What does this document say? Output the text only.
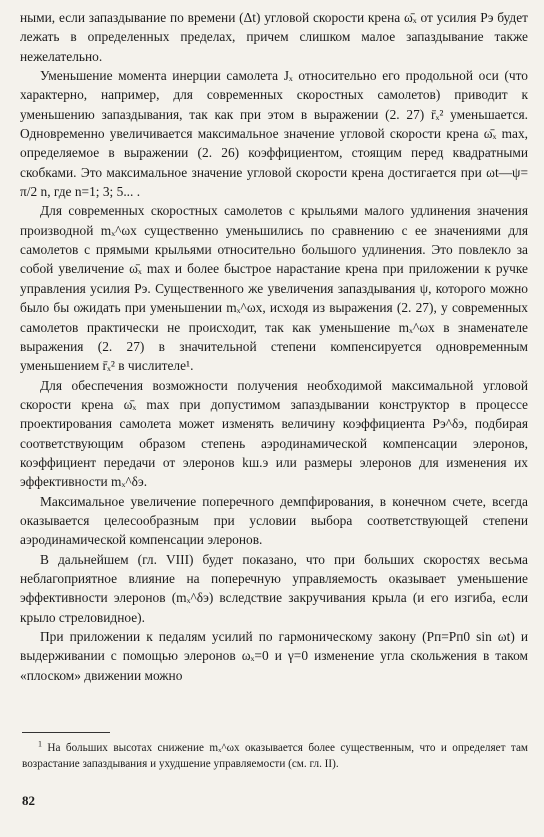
ными, если запаздывание по времени (Δt) угловой скорости крена ω̄ₓ от усилия Pэ будет лежать в определенных пределах, причем слишком малое запаздывание также нежелательно.

Уменьшение момента инерции самолета Jₓ относительно его продольной оси (что характерно, например, для современных скоростных самолетов) приводит к уменьшению запаздывания, так как при этом в выражении (2. 27) r̄ₓ² уменьшается. Одновременно увеличивается максимальное значение угловой скорости крена ω̄ₓ max, определяемое в выражении (2. 26) коэффициентом, стоящим перед квадратными скобками. Это максимальное значение угловой скорости крена достигается при ωt—ψ= π/2 n, где n=1; 3; 5... .

Для современных скоростных самолетов с крыльями малого удлинения значения производной mₓ^ωx существенно уменьшились по сравнению с ее значениями для самолетов с прямыми крыльями относительно большого удлинения. Это повлекло за собой увеличение ω̄ₓ max и более быстрое нарастание крена при приложении к ручке управления усилия Pэ. Существенного же увеличения запаздывания ψ, которого можно было бы ожидать при уменьшении mₓ^ωx, исходя из выражения (2. 27), у современных самолетов практически не происходит, так как уменьшение mₓ^ωx в знаменателе выражения (2. 27) в значительной степени компенсируется одновременным уменьшением r̄ₓ² в числителе¹.

Для обеспечения возможности получения необходимой максимальной угловой скорости крена ω̄ₓ max при допустимом запаздывании конструктор в процессе проектирования самолета может изменять величину коэффициента Pэ^δэ, подбирая соответствующим образом степень аэродинамической компенсации элеронов, коэффициент передачи от элеронов kш.э или размеры элеронов для изменения их эффективности mₓ^δэ.

Максимальное увеличение поперечного демпфирования, в конечном счете, всегда оказывается целесообразным при условии выбора соответствующей степени аэродинамической компенсации элеронов.

В дальнейшем (гл. VIII) будет показано, что при больших скоростях весьма неблагоприятное влияние на поперечную управляемость оказывает уменьшение эффективности элеронов (mₓ^δэ) вследствие закручивания крыла (и его изгиба, если крыло стреловидное).

При приложении к педалям усилий по гармоническому закону (Pп=Pп0 sin ωt) и выдерживании с помощью элеронов ωₓ=0 и γ=0 изменение угла скольжения в таком «плоском» движении можно

$^1$ На больших высотах снижение mₓ^ωx оказывается более существенным, что и определяет там возрастание запаздывания и ухудшение управляемости (см. гл. II).
82
